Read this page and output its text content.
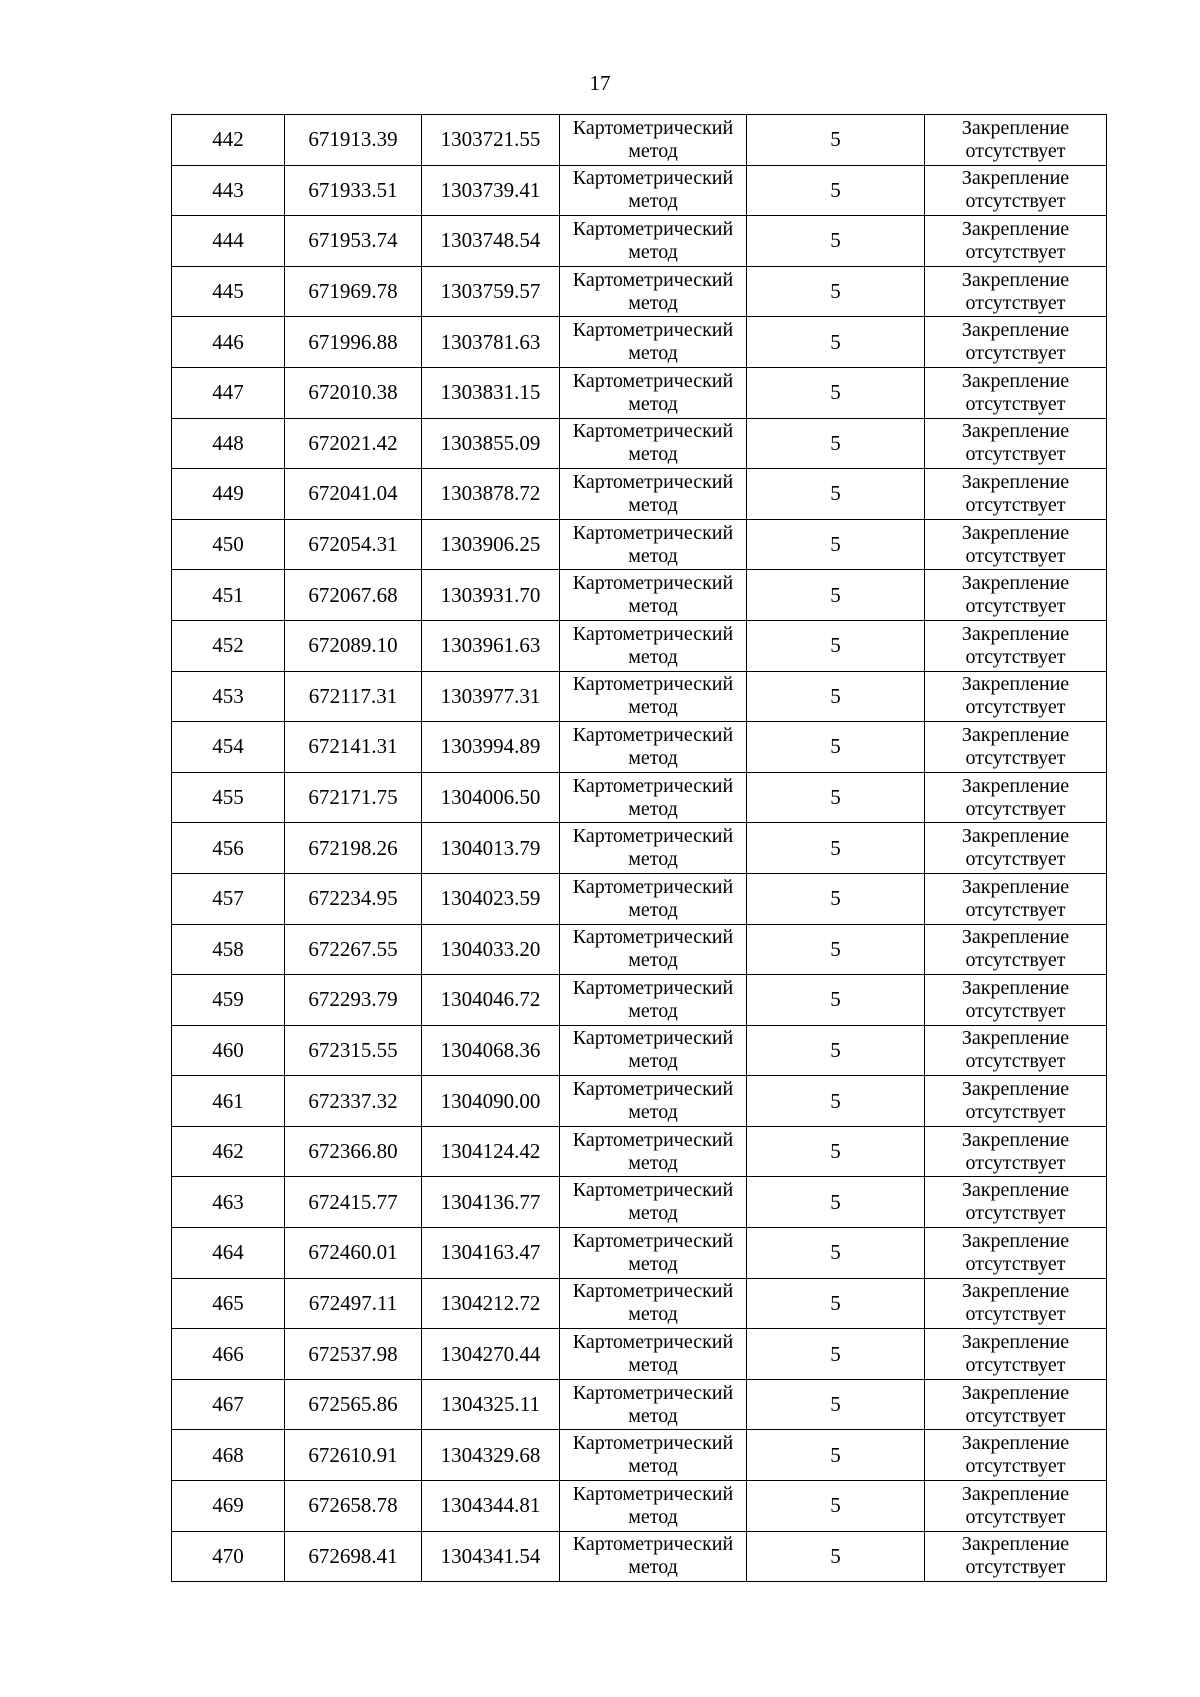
17
442	671913.39	1303721.55	Картометрический
метод	5	Закрепление
отсутствует

443	671933.51	1303739.41	Картометрический
метод	5	Закрепление
отсутствует

444	671953.74	1303748.54	Картометрический
метод	5	Закрепление
отсутствует

445	671969.78	1303759.57	Картометрический
метод	5	Закрепление
отсутствует

446	671996.88	1303781.63	Картометрический
метод	5	Закрепление
отсутствует

447	672010.38	1303831.15	Картометрический
метод	5	Закрепление
отсутствует

448	672021.42	1303855.09	Картометрический
метод	5	Закрепление
отсутствует

449	672041.04	1303878.72	Картометрический
метод	5	Закрепление
отсутствует

450	672054.31	1303906.25	Картометрический
метод	5	Закрепление
отсутствует

451	672067.68	1303931.70	Картометрический
метод	5	Закрепление
отсутствует

452	672089.10	1303961.63	Картометрический
метод	5	Закрепление
отсутствует

453	672117.31	1303977.31	Картометрический
метод	5	Закрепление
отсутствует

454	672141.31	1303994.89	Картометрический
метод	5	Закрепление
отсутствует

455	672171.75	1304006.50	Картометрический
метод	5	Закрепление
отсутствует

456	672198.26	1304013.79	Картометрический
метод	5	Закрепление
отсутствует

457	672234.95	1304023.59	Картометрический
метод	5	Закрепление
отсутствует

458	672267.55	1304033.20	Картометрический
метод	5	Закрепление
отсутствует

459	672293.79	1304046.72	Картометрический
метод	5	Закрепление
отсутствует

460	672315.55	1304068.36	Картометрический
метод	5	Закрепление
отсутствует

461	672337.32	1304090.00	Картометрический
метод	5	Закрепление
отсутствует

462	672366.80	1304124.42	Картометрический
метод	5	Закрепление
отсутствует

463	672415.77	1304136.77	Картометрический
метод	5	Закрепление
отсутствует

464	672460.01	1304163.47	Картометрический
метод	5	Закрепление
отсутствует

465	672497.11	1304212.72	Картометрический
метод	5	Закрепление
отсутствует

466	672537.98	1304270.44	Картометрический
метод	5	Закрепление
отсутствует

467	672565.86	1304325.11	Картометрический
метод	5	Закрепление
отсутствует

468	672610.91	1304329.68	Картометрический
метод	5	Закрепление
отсутствует

469	672658.78	1304344.81	Картометрический
метод	5	Закрепление
отсутствует

470	672698.41	1304341.54	Картометрический
метод	5	Закрепление
отсутствует
